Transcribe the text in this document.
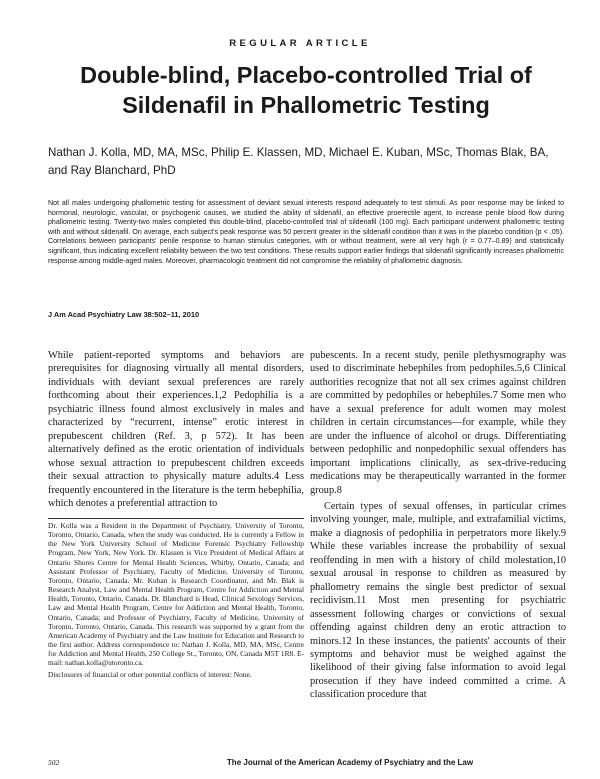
REGULAR ARTICLE
Double-blind, Placebo-controlled Trial of Sildenafil in Phallometric Testing
Nathan J. Kolla, MD, MA, MSc, Philip E. Klassen, MD, Michael E. Kuban, MSc, Thomas Blak, BA, and Ray Blanchard, PhD
Not all males undergoing phallometric testing for assessment of deviant sexual interests respond adequately to test stimuli. As poor response may be linked to hormonal, neurologic, vascular, or psychogenic causes, we studied the ability of sildenafil, an effective proerectile agent, to increase penile blood flow during phallometric testing. Twenty-two males completed this double-blind, placebo-controlled trial of sildenafil (100 mg). Each participant underwent phallometric testing with and without sildenafil. On average, each subject's peak response was 50 percent greater in the sildenafil condition than it was in the placebo condition (p < .05). Correlations between participants' penile response to human stimulus categories, with or without treatment, were all very high (r = 0.77–0.89) and statistically significant, thus indicating excellent reliability between the two test conditions. These results support earlier findings that sildenafil significantly increases phallometric response among middle-aged males. Moreover, pharmacologic treatment did not compromise the reliability of phallometric diagnosis.
J Am Acad Psychiatry Law 38:502–11, 2010

While patient-reported symptoms and behaviors are prerequisites for diagnosing virtually all mental disorders, individuals with deviant sexual preferences are rarely forthcoming about their experiences.1,2 Pedophilia is a psychiatric illness found almost exclusively in males and characterized by “recurrent, intense” erotic interest in prepubescent children (Ref. 3, p 572). It has been alternatively defined as the erotic orientation of individuals whose sexual attraction to prepubescent children exceeds their sexual attraction to physically mature adults.4 Less frequently encountered in the literature is the term hebephilia, which denotes a preferential attraction to

Dr. Kolla was a Resident in the Department of Psychiatry, University of Toronto, Toronto, Ontario, Canada, when the study was conducted. He is currently a Fellow in the New York University School of Medicine Forensic Psychiatry Fellowship Program, New York, New York. Dr. Klassen is Vice President of Medical Affairs at Ontario Shores Centre for Mental Health Sciences, Whitby, Ontario, Canada; and Assistant Professor of Psychiatry, Faculty of Medicine, University of Toronto, Toronto, Ontario, Canada. Mr. Kuban is Research Coordinator, and Mr. Blak is Research Analyst, Law and Mental Health Program, Centre for Addiction and Mental Health, Toronto, Ontario, Canada. Dr. Blanchard is Head, Clinical Sexology Services, Law and Mental Health Program, Centre for Addiction and Mental Health, Toronto, Ontario, Canada; and Professor of Psychiatry, Faculty of Medicine, University of Toronto, Toronto, Ontario, Canada. This research was supported by a grant from the American Academy of Psychiatry and the Law Institute for Education and Research to the first author. Address correspondence to: Nathan J. Kolla, MD, MA, MSc, Centre for Addiction and Mental Health, 250 College St., Toronto, ON, Canada M5T 1R8. E-mail: nathan.kolla@utoronto.ca.
Disclosures of financial or other potential conflicts of interest: None.

pubescents. In a recent study, penile plethysmography was used to discriminate hebephiles from pedophiles.5,6 Clinical authorities recognize that not all sex crimes against children are committed by pedophiles or hebephiles.7 Some men who have a sexual preference for adult women may molest children in certain circumstances—for example, while they are under the influence of alcohol or drugs. Differentiating between pedophilic and nonpedophilic sexual offenders has important implications clinically, as sex-drive-reducing medications may be therapeutically warranted in the former group.8

Certain types of sexual offenses, in particular crimes involving younger, male, multiple, and extrafamilial victims, make a diagnosis of pedophilia in perpetrators more likely.9 While these variables increase the probability of sexual reoffending in men with a history of child molestation,10 sexual arousal in response to children as measured by phallometry remains the single best predictor of sexual recidivism.11 Most men presenting for psychiatric assessment following charges or convictions of sexual offending against children deny an erotic attraction to minors.12 In these instances, the patients' accounts of their symptoms and behavior must be weighed against the likelihood of their giving false information to avoid legal prosecution if they have indeed committed a crime. A classification procedure that

The Journal of the American Academy of Psychiatry and the Law
502
